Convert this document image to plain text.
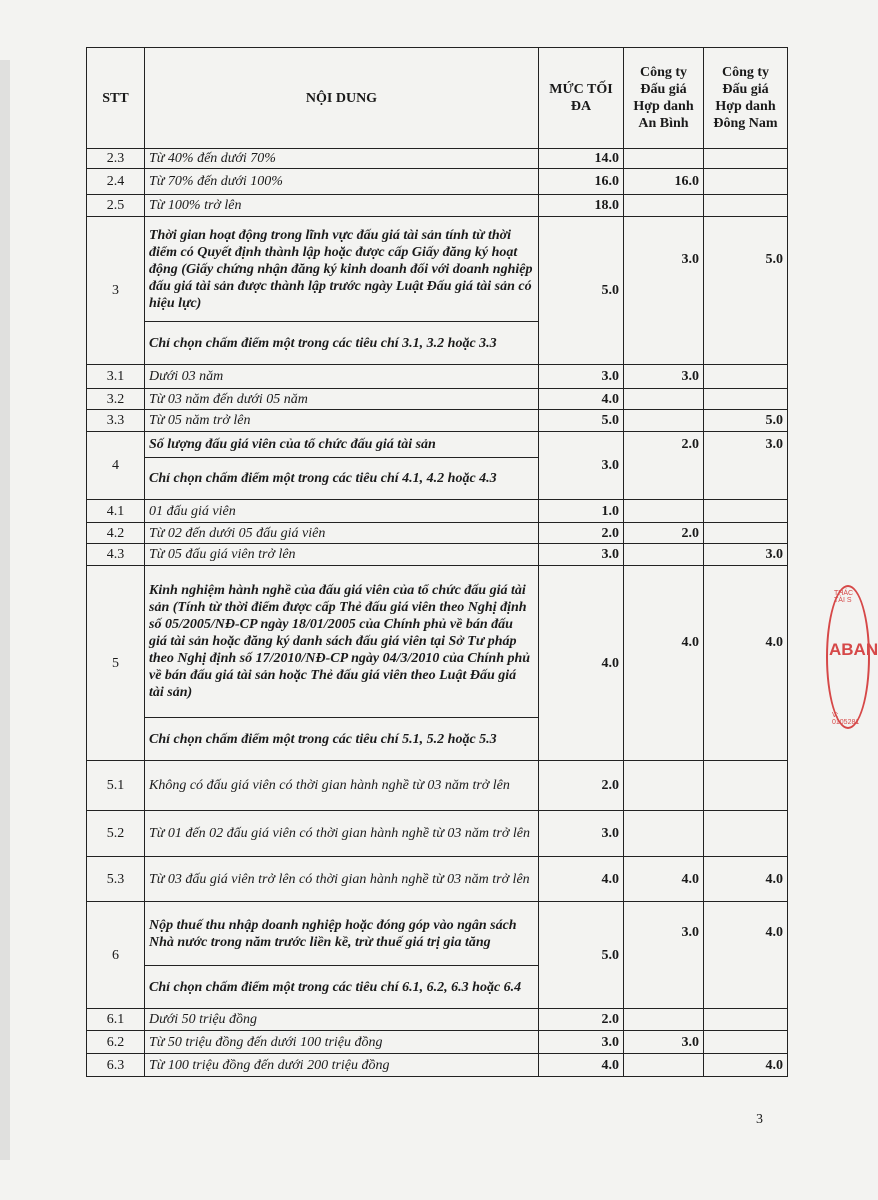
STT	NỘI DUNG	MỨC TỐI ĐA	Công ty Đấu giá Hợp danh An Bình	Công ty Đấu giá Hợp danh Đông Nam
2.3	Từ 40% đến dưới 70%	14.0		
2.4	Từ 70% đến dưới 100%	16.0	16.0	
2.5	Từ 100% trở lên	18.0		
3	Thời gian hoạt động trong lĩnh vực đấu giá tài sản tính từ thời điểm có Quyết định thành lập hoặc được cấp Giấy đăng ký hoạt động (Giấy chứng nhận đăng ký kinh doanh đối với doanh nghiệp đấu giá tài sản được thành lập trước ngày Luật Đấu giá tài sản có hiệu lực)	5.0	3.0	5.0
	Chỉ chọn chấm điểm một trong các tiêu chí 3.1, 3.2 hoặc 3.3			
3.1	Dưới 03 năm	3.0	3.0	
3.2	Từ 03 năm đến dưới 05 năm	4.0		
3.3	Từ 05 năm trở lên	5.0		5.0
4	Số lượng đấu giá viên của tổ chức đấu giá tài sản	3.0	2.0	3.0
	Chỉ chọn chấm điểm một trong các tiêu chí 4.1, 4.2 hoặc 4.3			
4.1	01 đấu giá viên	1.0		
4.2	Từ 02 đến dưới 05 đấu giá viên	2.0	2.0	
4.3	Từ 05 đấu giá viên trở lên	3.0		3.0
5	Kinh nghiệm hành nghề của đấu giá viên của tổ chức đấu giá tài sản (Tính từ thời điểm được cấp Thẻ đấu giá viên theo Nghị định số 05/2005/NĐ-CP ngày 18/01/2005 của Chính phủ về bán đấu giá tài sản hoặc đăng ký danh sách đấu giá viên tại Sở Tư pháp theo Nghị định số 17/2010/NĐ-CP ngày 04/3/2010 của Chính phủ về bán đấu giá tài sản hoặc Thẻ đấu giá viên theo Luật Đấu giá tài sản)	4.0	4.0	4.0
	Chỉ chọn chấm điểm một trong các tiêu chí 5.1, 5.2 hoặc 5.3			
5.1	Không có đấu giá viên có thời gian hành nghề từ 03 năm trở lên	2.0		
5.2	Từ 01 đến 02 đấu giá viên có thời gian hành nghề từ 03 năm trở lên	3.0		
5.3	Từ 03 đấu giá viên trở lên có thời gian hành nghề từ 03 năm trở lên	4.0	4.0	4.0
6	Nộp thuế thu nhập doanh nghiệp hoặc đóng góp vào ngân sách Nhà nước trong năm trước liền kề, trừ thuế giá trị gia tăng	5.0	3.0	4.0
	Chỉ chọn chấm điểm một trong các tiêu chí 6.1, 6.2, 6.3 hoặc 6.4			
6.1	Dưới 50 triệu đồng	2.0		
6.2	Từ 50 triệu đồng đến dưới 100 triệu đồng	3.0	3.0	
6.3	Từ 100 triệu đồng đến dưới 200 triệu đồng	4.0		4.0
THÁC TÀI S
ABAN
V: 0105281
3
